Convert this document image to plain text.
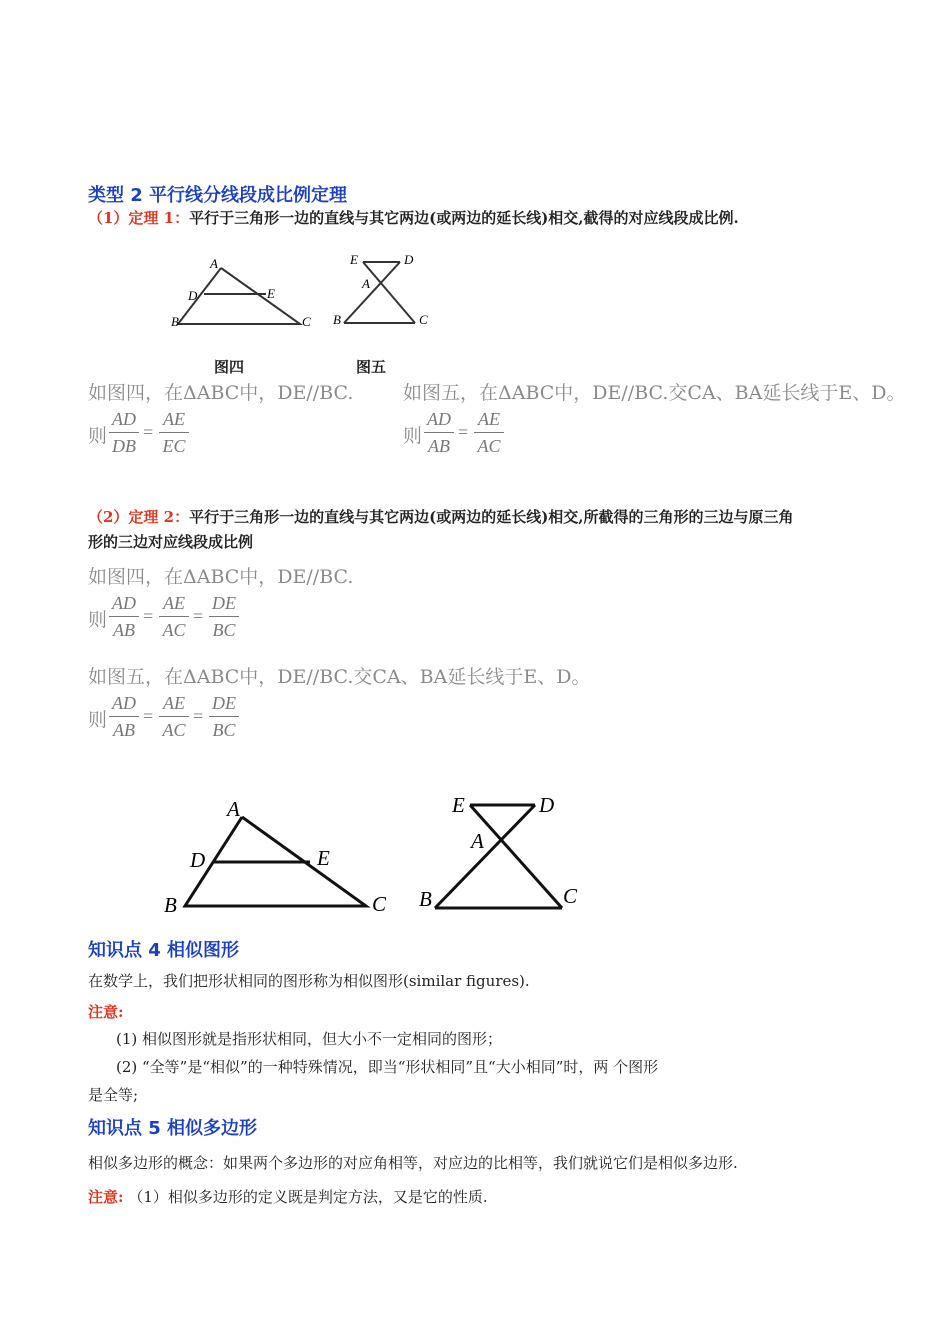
类型 2 平行线分线段成比例定理
（1）定理 1：平行于三角形一边的直线与其它两边(或两边的延长线)相交,截得的对应线段成比例.
A
D	E
B	C
E	D
A
B	C
图四	图五
如图四，在ΔABC中，DE//BC.	如图五，在ΔABC中，DE//BC.交CA、BA延长线于E、D。
则
AD
DB
=
AE
EC	则
AD
AB
=
AE
AC
（2）定理 2：平行于三角形一边的直线与其它两边(或两边的延长线)相交,所截得的三角形的三边与原三角
形的三边对应线段成比例
如图四，在ΔABC中，DE//BC.
则
AD
AB
=
AE
AC
=
DE
BC
如图五，在ΔABC中，DE//BC.交CA、BA延长线于E、D。
则
AD
AB
=
AE
AC
=
DE
BC
A
D	E
B	C
E	D
A
B	C
知识点 4 相似图形
在数学上，我们把形状相同的图形称为相似图形(similar figures).
注意:
(1) 相似图形就是指形状相同，但大小不一定相同的图形；
(2) “全等”是“相似”的一种特殊情况，即当“形状相同”且“大小相同”时，两 个图形
是全等;
知识点 5 相似多边形
相似多边形的概念：如果两个多边形的对应角相等，对应边的比相等，我们就说它们是相似多边形.
注意: （1）相似多边形的定义既是判定方法，又是它的性质.
